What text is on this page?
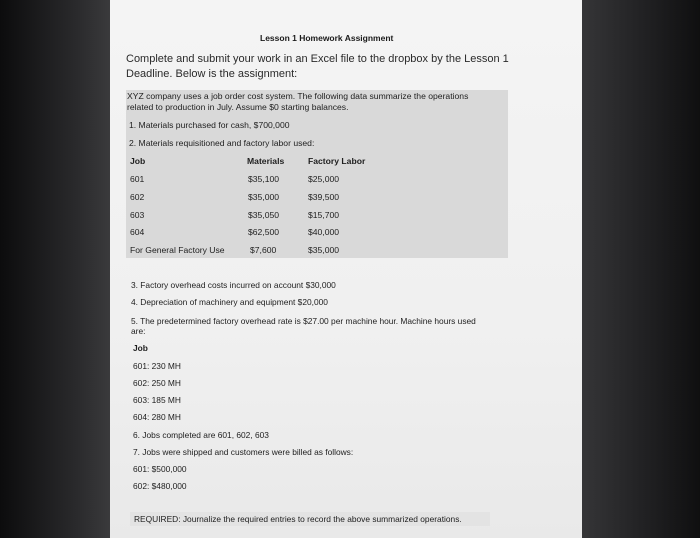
Lesson 1 Homework Assignment
Complete and submit your work in an Excel file to the dropbox by the Lesson 1 Deadline. Below is the assignment:
XYZ company uses a job order cost system. The following data summarize the operations
related to production in July. Assume $0 starting balances.
1. Materials purchased for cash, $700,000
2. Materials requisitioned and factory labor used:
Job	Materials	Factory Labor
601	$35,100	$25,000
602	$35,000	$39,500
603	$35,050	$15,700
604	$62,500	$40,000
For General Factory Use	$7,600	$35,000
3. Factory overhead costs incurred on account $30,000
4. Depreciation of machinery and equipment $20,000
5. The predetermined factory overhead rate is $27.00 per machine hour. Machine hours used
are:
Job
601: 230 MH
602: 250 MH
603: 185 MH
604: 280 MH
6. Jobs completed are 601, 602, 603
7. Jobs were shipped and customers were billed as follows:
601: $500,000
602: $480,000
REQUIRED: Journalize the required entries to record the above summarized operations.
